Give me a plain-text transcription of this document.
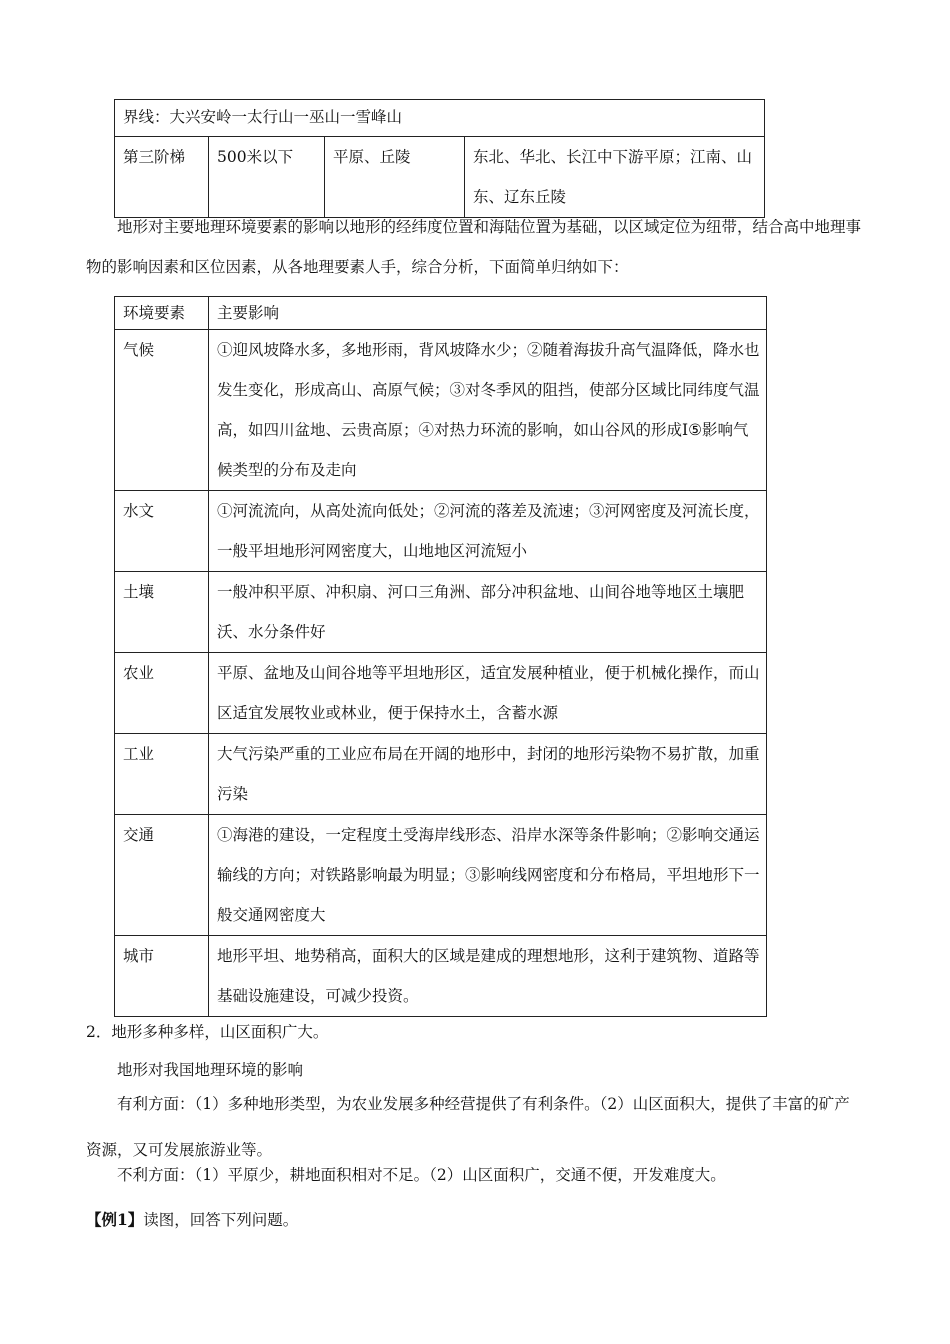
界线：大兴安岭一太行山一巫山一雪峰山
第三阶梯	500米以下	平原、丘陵	东北、华北、长江中下游平原；江南、山东、辽东丘陵
地形对主要地理环境要素的影响以地形的经纬度位置和海陆位置为基础，以区域定位为纽带，结合高中地理事物的影响因素和区位因素，从各地理要素人手，综合分析，下面简单归纳如下：
环境要素	主要影响
气候	①迎风坡降水多，多地形雨，背风坡降水少；②随着海拔升高气温降低，降水也发生变化，形成高山、高原气候；③对冬季风的阻挡，使部分区域比同纬度气温高，如四川盆地、云贵高原；④对热力环流的影响，如山谷风的形成I⑤影响气候类型的分布及走向
水文	①河流流向，从高处流向低处；②河流的落差及流速；③河网密度及河流长度，一般平坦地形河网密度大，山地地区河流短小
土壤	一般冲积平原、冲积扇、河口三角洲、部分冲积盆地、山间谷地等地区土壤肥沃、水分条件好
农业	平原、盆地及山间谷地等平坦地形区，适宜发展种植业，便于机械化操作，而山区适宜发展牧业或林业，便于保持水土，含蓄水源
工业	大气污染严重的工业应布局在开阔的地形中，封闭的地形污染物不易扩散，加重污染
交通	①海港的建设，一定程度土受海岸线形态、沿岸水深等条件影响；②影响交通运输线的方向；对铁路影响最为明显；③影响线网密度和分布格局，平坦地形下一般交通网密度大
城市	地形平坦、地势稍高，面积大的区域是建成的理想地形，这利于建筑物、道路等基础设施建设，可减少投资。
2．地形多种多样，山区面积广大。
地形对我国地理环境的影响
有利方面：（1）多种地形类型，为农业发展多种经营提供了有利条件。（2）山区面积大，提供了丰富的矿产资源，又可发展旅游业等。
不利方面：（1）平原少，耕地面积相对不足。（2）山区面积广，交通不便，开发难度大。
【例1】读图，回答下列问题。
